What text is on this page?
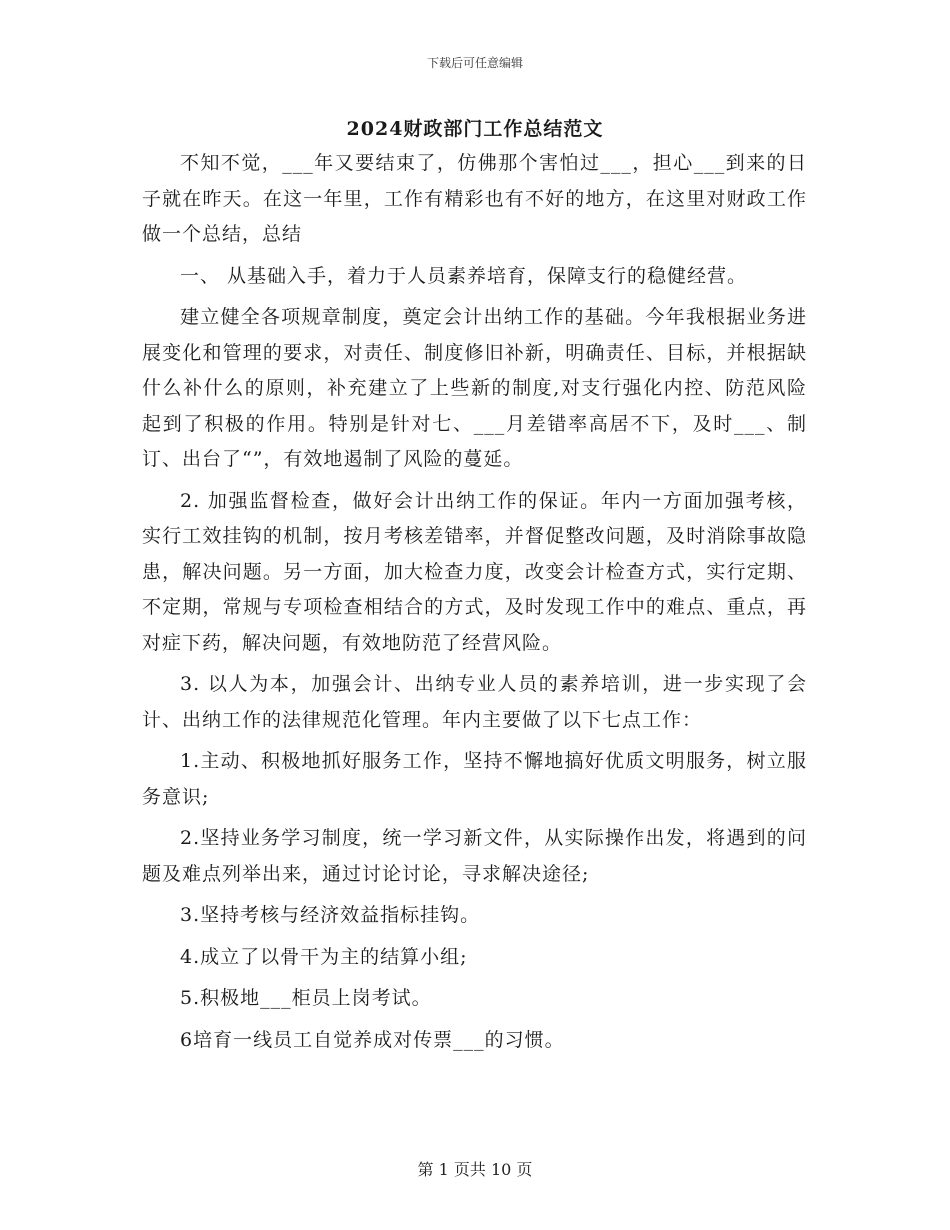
下载后可任意编辑
2024财政部门工作总结范文

不知不觉，___年又要结束了，仿佛那个害怕过___，担心___到来的日子就在昨天。在这一年里，工作有精彩也有不好的地方，在这里对财政工作做一个总结，总结

一、 从基础入手，着力于人员素养培育，保障支行的稳健经营。

建立健全各项规章制度，奠定会计出纳工作的基础。今年我根据业务进展变化和管理的要求，对责任、制度修旧补新，明确责任、目标，并根据缺什么补什么的原则，补充建立了上些新的制度,对支行强化内控、防范风险起到了积极的作用。特别是针对七、___月差错率高居不下，及时___、制订、出台了“”，有效地遏制了风险的蔓延。

2. 加强监督检查，做好会计出纳工作的保证。年内一方面加强考核，实行工效挂钩的机制，按月考核差错率，并督促整改问题，及时消除事故隐患，解决问题。另一方面，加大检查力度，改变会计检查方式，实行定期、不定期，常规与专项检查相结合的方式，及时发现工作中的难点、重点，再对症下药，解决问题，有效地防范了经营风险。

3. 以人为本，加强会计、出纳专业人员的素养培训，进一步实现了会计、出纳工作的法律规范化管理。年内主要做了以下七点工作：

1.主动、积极地抓好服务工作，坚持不懈地搞好优质文明服务，树立服务意识;

2.坚持业务学习制度，统一学习新文件，从实际操作出发，将遇到的问题及难点列举出来，通过讨论讨论，寻求解决途径;

3.坚持考核与经济效益指标挂钩。

4.成立了以骨干为主的结算小组;

5.积极地___柜员上岗考试。

6培育一线员工自觉养成对传票___的习惯。

第 1 页共 10 页
